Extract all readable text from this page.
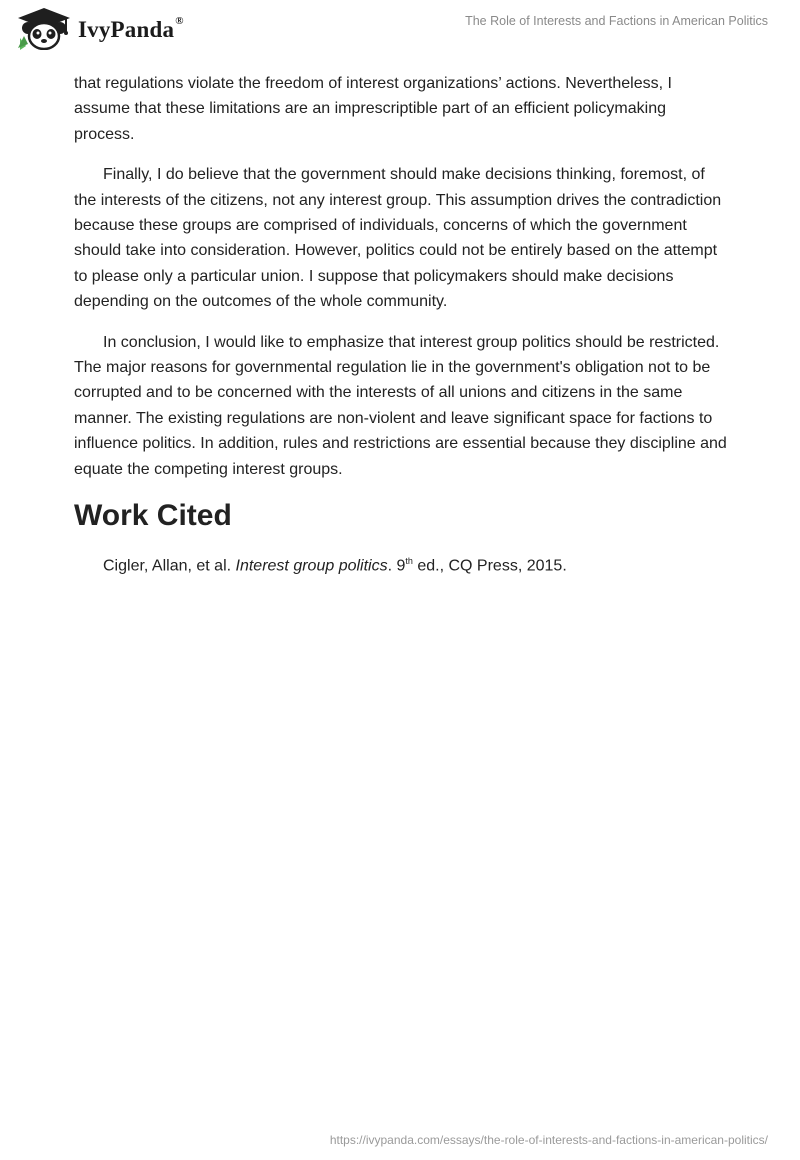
IvyPanda®	The Role of Interests and Factions in American Politics

that regulations violate the freedom of interest organizations’ actions. Nevertheless, I assume that these limitations are an imprescriptible part of an efficient policymaking process.

Finally, I do believe that the government should make decisions thinking, foremost, of the interests of the citizens, not any interest group. This assumption drives the contradiction because these groups are comprised of individuals, concerns of which the government should take into consideration. However, politics could not be entirely based on the attempt to please only a particular union. I suppose that policymakers should make decisions depending on the outcomes of the whole community.

In conclusion, I would like to emphasize that interest group politics should be restricted. The major reasons for governmental regulation lie in the government's obligation not to be corrupted and to be concerned with the interests of all unions and citizens in the same manner. The existing regulations are non-violent and leave significant space for factions to influence politics. In addition, rules and restrictions are essential because they discipline and equate the competing interest groups.

Work Cited

Cigler, Allan, et al. Interest group politics. 9th ed., CQ Press, 2015.

https://ivypanda.com/essays/the-role-of-interests-and-factions-in-american-politics/
